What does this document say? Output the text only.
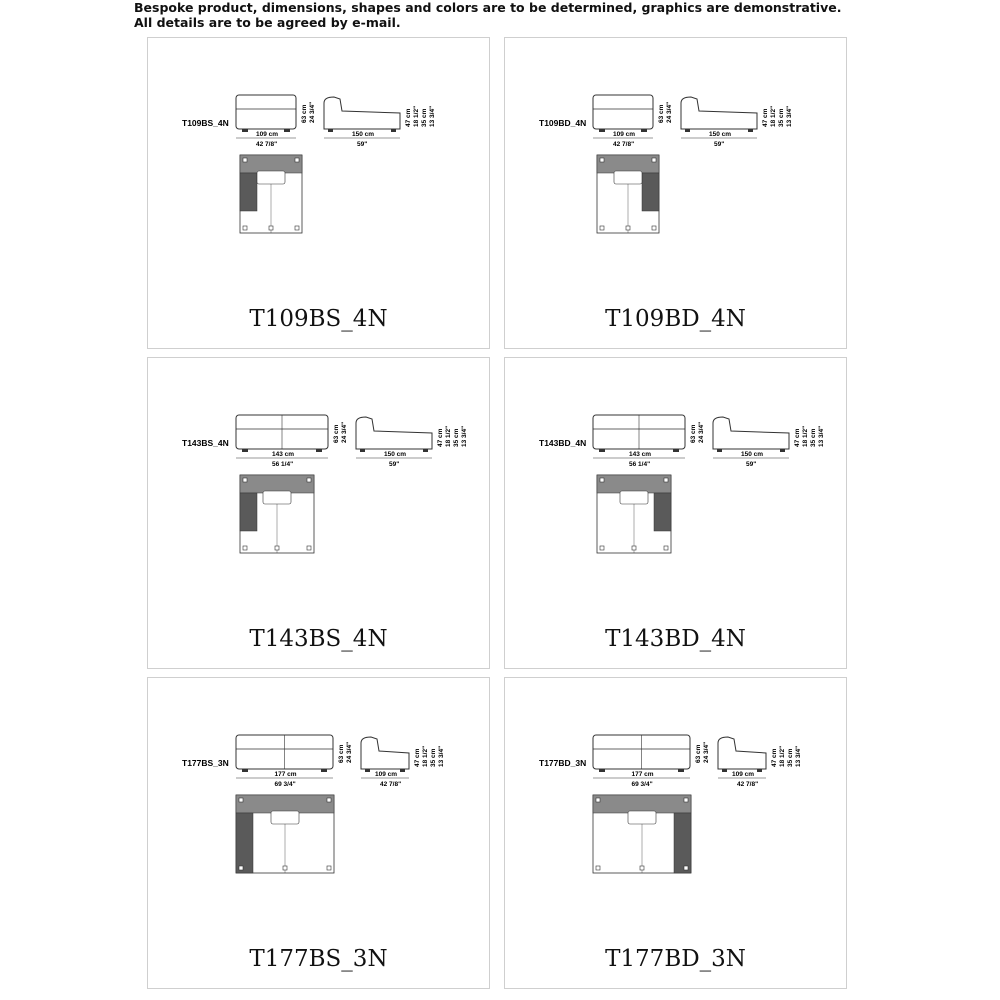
Bespoke product, dimensions, shapes and colors are to be determined, graphics are demonstrative. All details are to be agreed by e-mail.
T109BS_4N
109 cm
42 7/8"
63 cm 24 3/4"
150 cm
59"
47 cm 18 1/2" 35 cm 13 3/4"
T109BS_4N
T109BD_4N
109 cm
42 7/8"
63 cm 24 3/4"
150 cm
59"
47 cm 18 1/2" 35 cm 13 3/4"
T109BD_4N
T143BS_4N
143 cm
56 1/4"
63 cm 24 3/4"
150 cm
59"
47 cm 18 1/2" 35 cm 13 3/4"
T143BS_4N
T143BD_4N
143 cm
56 1/4"
63 cm 24 3/4"
150 cm
59"
47 cm 18 1/2" 35 cm 13 3/4"
T143BD_4N
T177BS_3N
177 cm
69 3/4"
63 cm 24 3/4"
109 cm
42 7/8"
47 cm 18 1/2" 35 cm 13 3/4"
T177BS_3N
T177BD_3N
177 cm
69 3/4"
63 cm 24 3/4"
109 cm
42 7/8"
47 cm 18 1/2" 35 cm 13 3/4"
T177BD_3N
